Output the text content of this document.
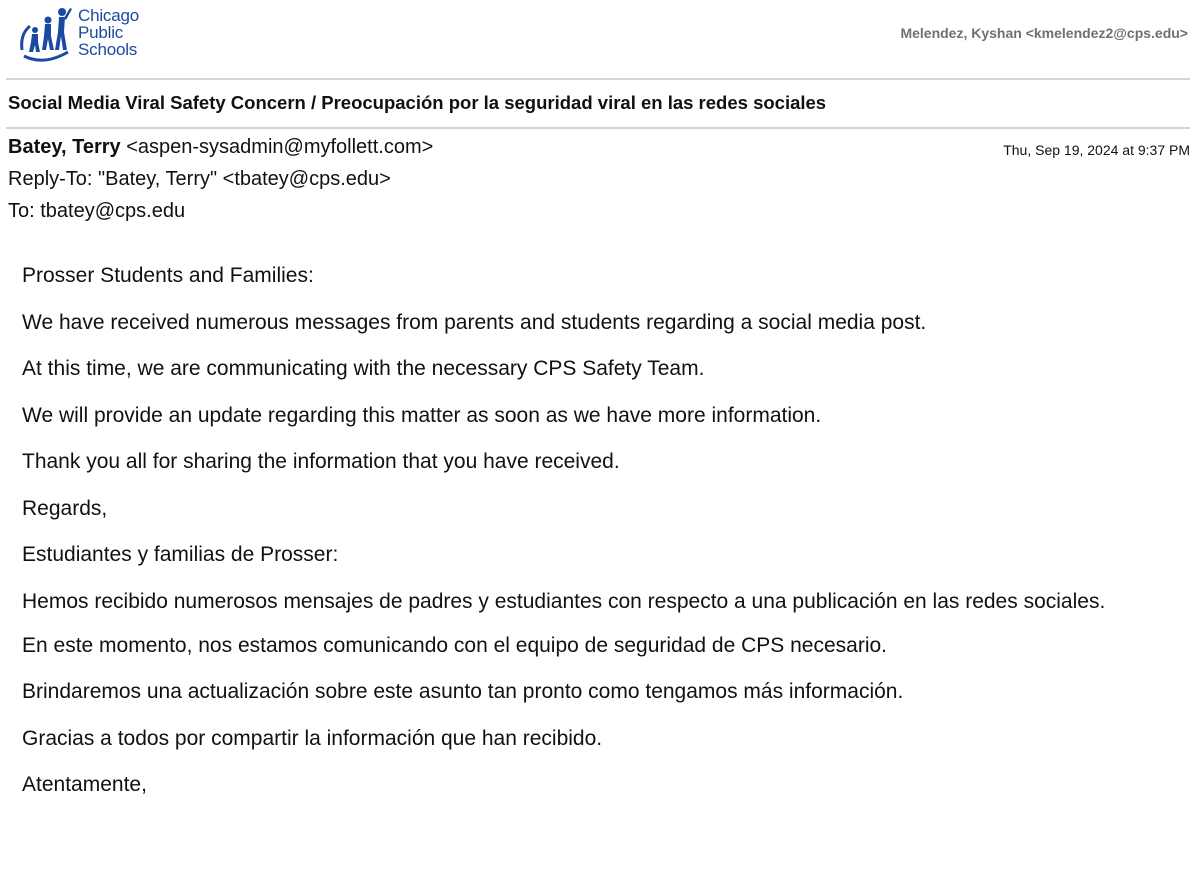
Chicago
Public
Schools
Melendez, Kyshan <kmelendez2@cps.edu>
Social Media Viral Safety Concern / Preocupación por la seguridad viral en las redes sociales
Batey, Terry <aspen-sysadmin@myfollett.com>	Thu, Sep 19, 2024 at 9:37 PM
Reply-To: "Batey, Terry" <tbatey@cps.edu>
To: tbatey@cps.edu

Prosser Students and Families:

We have received numerous messages from parents and students regarding a social media post.

At this time, we are communicating with the necessary CPS Safety Team.

We will provide an update regarding this matter as soon as we have more information.

Thank you all for sharing the information that you have received.

Regards,

Estudiantes y familias de Prosser:

Hemos recibido numerosos mensajes de padres y estudiantes con respecto a una publicación en las redes sociales.

En este momento, nos estamos comunicando con el equipo de seguridad de CPS necesario.

Brindaremos una actualización sobre este asunto tan pronto como tengamos más información.

Gracias a todos por compartir la información que han recibido.

Atentamente,
